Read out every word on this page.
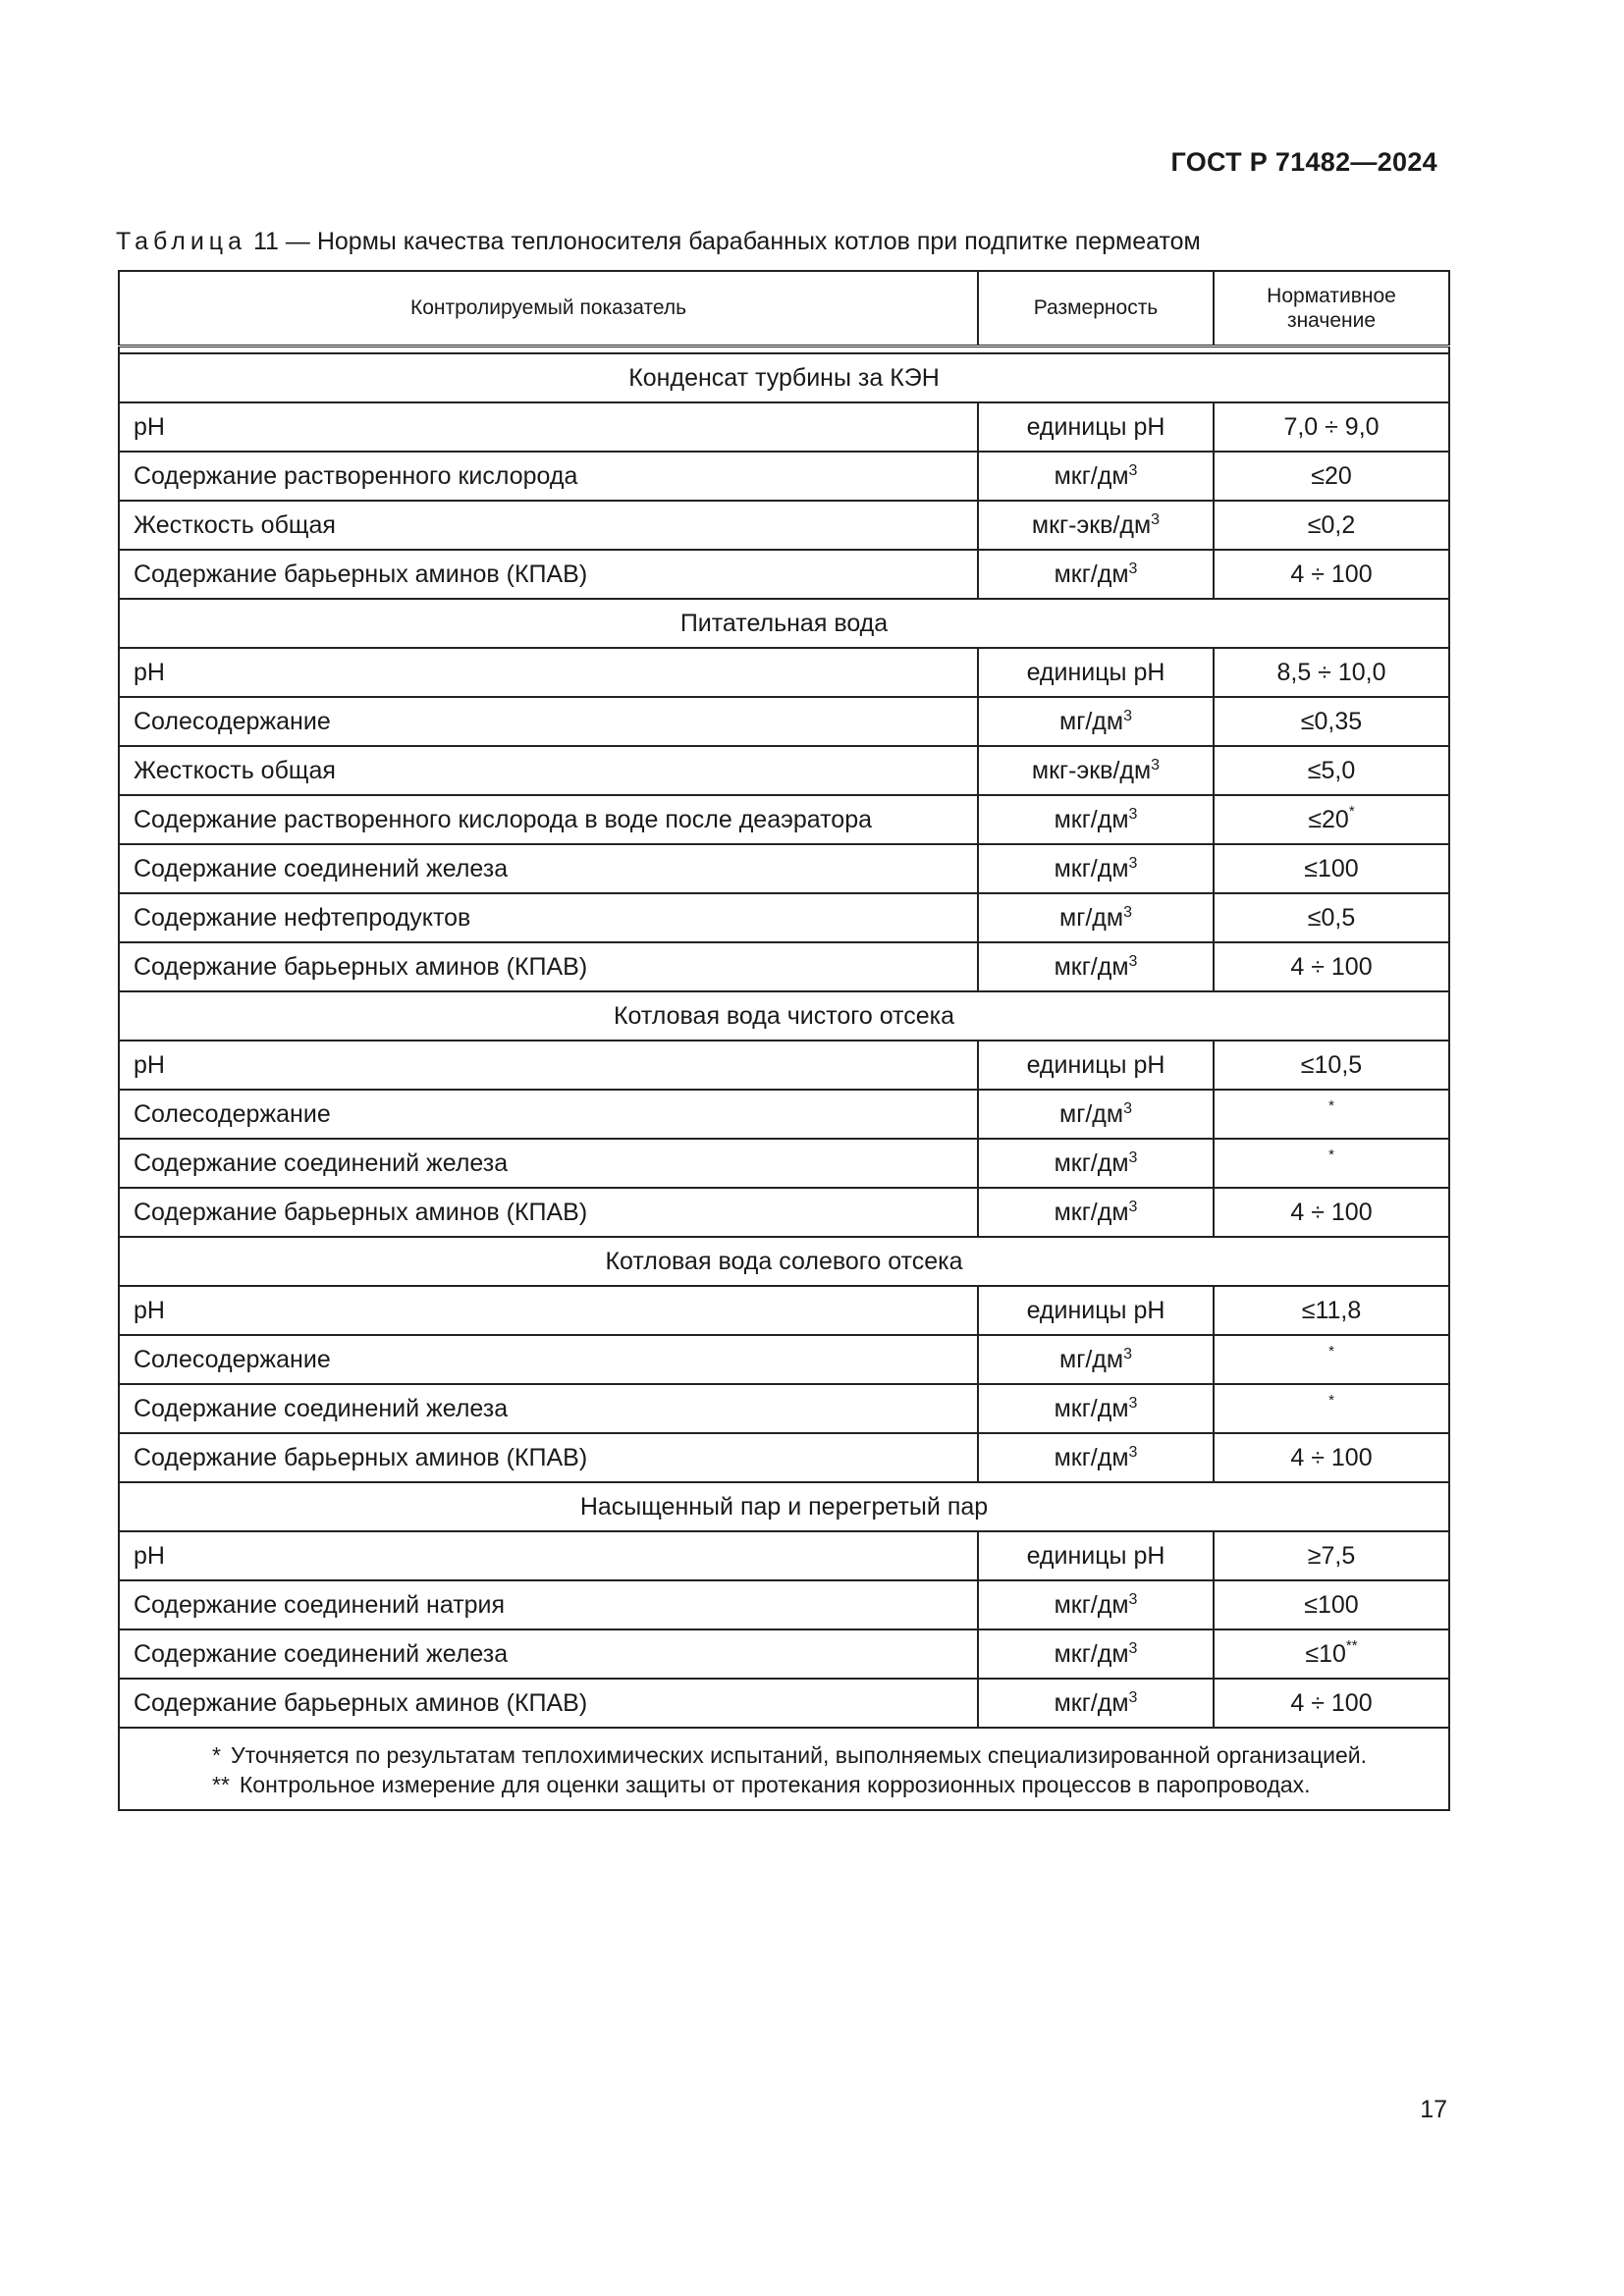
ГОСТ Р 71482—2024
Таблица 11 — Нормы качества теплоносителя барабанных котлов при подпитке пермеатом
Контролируемый показатель	Размерность	Нормативное значение

Конденсат турбины за КЭН		
pH	единицы pH	7,0 ÷ 9,0
Содержание растворенного кислорода	мкг/$дм^3$	≤20
Жесткость общая	мкг-$экв/дм^3$	≤0,2
Содержание барьерных аминов (КПАВ)	мкг/$дм^3$	4 ÷ 100
Питательная вода		
pH	единицы pH	8,5 ÷ 10,0
Солесодержание	$мг/дм^3$	≤0,35
Жесткость общая	мкг-$экв/дм^3$	≤5,0
Содержание растворенного кислорода в воде после деаэратора	мкг/$дм^3$	≤20*
Содержание соединений железа	мкг/$дм^3$	≤100
Содержание нефтепродуктов	$мг/дм^3$	≤0,5
Содержание барьерных аминов (КПАВ)	мкг/$дм^3$	4 ÷ 100
Котловая вода чистого отсека		
pH	единицы pH	≤10,5
Солесодержание	$мг/дм^3$	*
Содержание соединений железа	мкг/$дм^3$	*
Содержание барьерных аминов (КПАВ)	мкг/$дм^3$	4 ÷ 100
Котловая вода солевого отсека		
pH	единицы pH	≤11,8
Солесодержание	$мг/дм^3$	*
Содержание соединений железа	мкг/$дм^3$	*
Содержание барьерных аминов (КПАВ)	мкг/$дм^3$	4 ÷ 100
Насыщенный пар и перегретый пар		
pH	единицы pH	≥7,5
Содержание соединений натрия	мкг/$дм^3$	≤100
Содержание соединений железа	мкг/$дм^3$	≤10**
Содержание барьерных аминов (КПАВ)	мкг/$дм^3$	4 ÷ 100

* Уточняется по результатам теплохимических испытаний, выполняемых специализированной организацией.
** Контрольное измерение для оценки защиты от протекания коррозионных процессов в паропроводах.		
17
